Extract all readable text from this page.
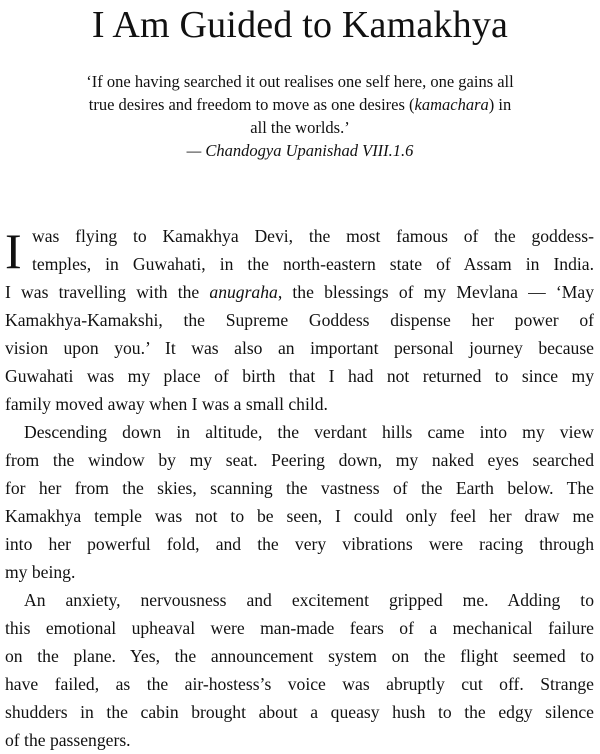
I Am Guided to Kamakhya
‘If one having searched it out realises one self here, one gains all
true desires and freedom to move as one desires (kamachara) in
all the worlds.’
— Chandogya Upanishad VIII.1.6
I was flying to Kamakhya Devi, the most famous of the goddess-
temples, in Guwahati, in the north-eastern state of Assam in India.
I was travelling with the anugraha, the blessings of my Mevlana — ‘May
Kamakhya-Kamakshi, the Supreme Goddess dispense her power of
vision upon you.’ It was also an important personal journey because
Guwahati was my place of birth that I had not returned to since my
family moved away when I was a small child.
Descending down in altitude, the verdant hills came into my view
from the window by my seat. Peering down, my naked eyes searched
for her from the skies, scanning the vastness of the Earth below. The
Kamakhya temple was not to be seen, I could only feel her draw me
into her powerful fold, and the very vibrations were racing through
my being.
An anxiety, nervousness and excitement gripped me. Adding to
this emotional upheaval were man-made fears of a mechanical failure
on the plane. Yes, the announcement system on the flight seemed to
have failed, as the air-hostess’s voice was abruptly cut off. Strange
shudders in the cabin brought about a queasy hush to the edgy silence
of the passengers.
